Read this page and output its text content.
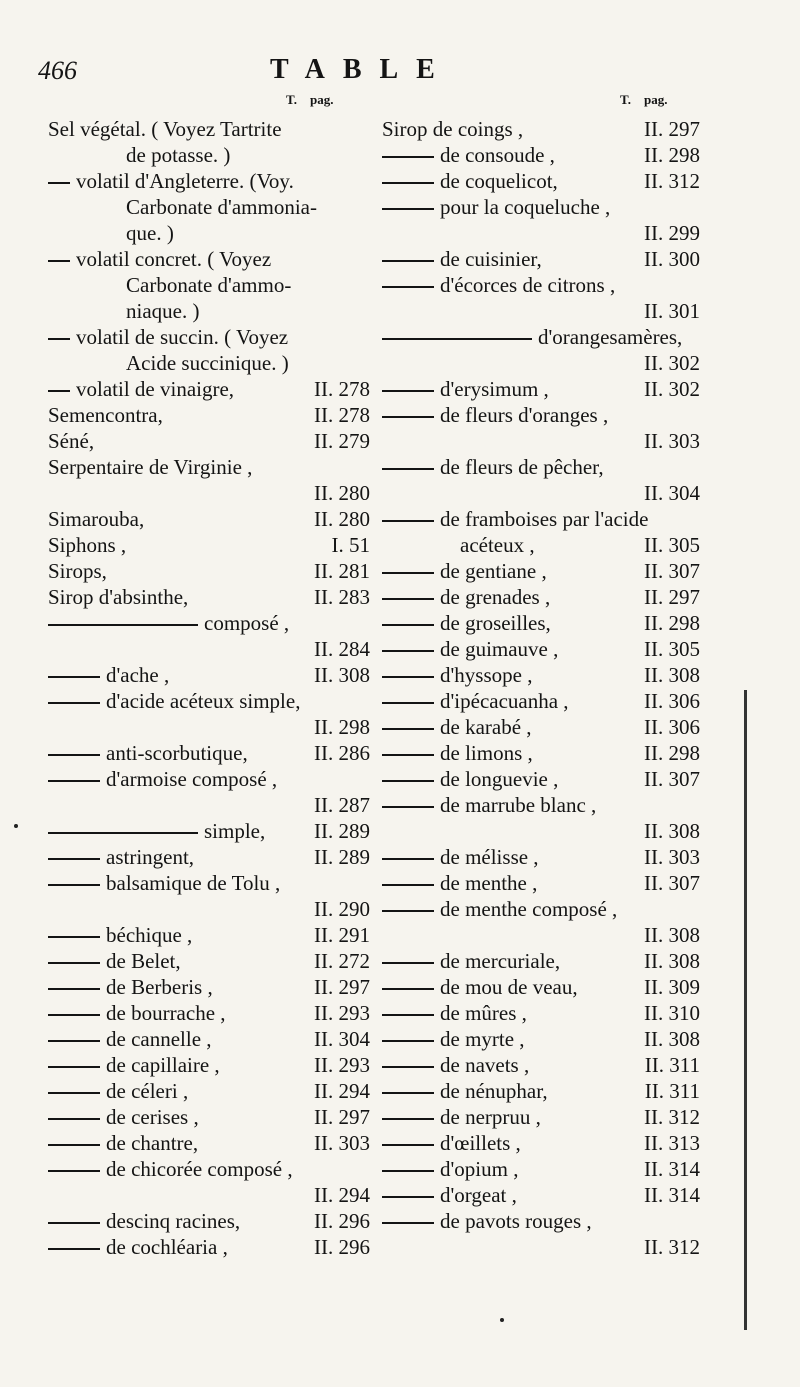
466	TABLE
T. pag.
Sel végétal. ( Voyez Tartrite
de potasse. )
volatil d'Angleterre. (Voy.
Carbonate d'ammonia-
que. )
volatil concret. ( Voyez
Carbonate d'ammo-
niaque. )
volatil de succin. ( Voyez
Acide succinique. )
volatil de vinaigre,	II. 278
Semencontra,	II. 278
Séné,	II. 279
Serpentaire de Virginie ,
II. 280
Simarouba,	II. 280
Siphons ,	I. 51
Sirops,	II. 281
Sirop d'absinthe,	II. 283
composé ,
II. 284
d'ache ,	II. 308
d'acide acéteux simple,
II. 298
anti-scorbutique,	II. 286
d'armoise composé ,
II. 287
simple, II. 289
astringent,	II. 289
balsamique de Tolu ,
II. 290
béchique ,	II. 291
de Belet,	II. 272
de Berberis ,	II. 297
de bourrache ,	II. 293
de cannelle ,	II. 304
de capillaire ,	II. 293
de céleri ,	II. 294
de cerises ,	II. 297
de chantre,	II. 303
de chicorée composé ,
II. 294
descinq racines,	II. 296
de cochléaria ,	II. 296
T. pag.
Sirop de coings ,	II. 297
de consoude ,	II. 298
de coquelicot,	II. 312
pour la coqueluche ,
II. 299
de cuisinier,	II. 300
d'écorces de citrons ,
II. 301
d'orangesamères,
II. 302
d'erysimum ,	II. 302
de fleurs d'oranges ,
II. 303
de fleurs de pêcher,
II. 304
de framboises par l'acide
acéteux ,	II. 305
de gentiane ,	II. 307
de grenades ,	II. 297
de groseilles,	II. 298
de guimauve ,	II. 305
d'hyssope ,	II. 308
d'ipécacuanha ,	II. 306
de karabé ,	II. 306
de limons ,	II. 298
de longuevie ,	II. 307
de marrube blanc ,
II. 308
de mélisse ,	II. 303
de menthe ,	II. 307
de menthe composé ,
II. 308
de mercuriale,	II. 308
de mou de veau,	II. 309
de mûres ,	II. 310
de myrte ,	II. 308
de navets ,	II. 311
de nénuphar,	II. 311
de nerpruu ,	II. 312
d'œillets ,	II. 313
d'opium ,	II. 314
d'orgeat ,	II. 314
de pavots rouges ,
II. 312
